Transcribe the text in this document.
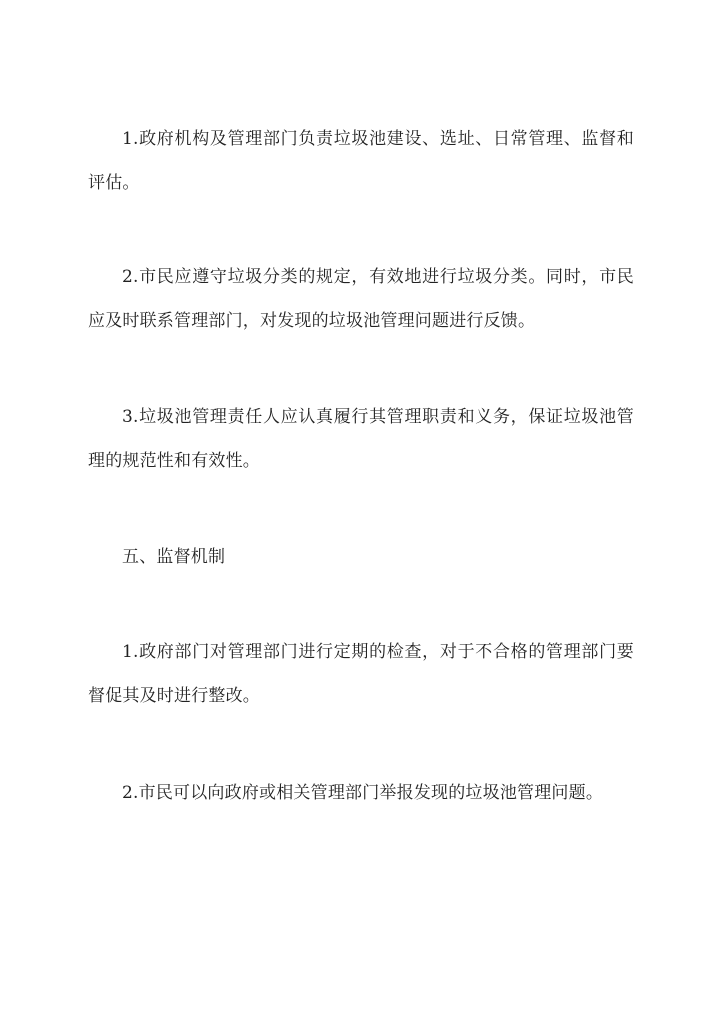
1.政府机构及管理部门负责垃圾池建设、选址、日常管理、监督和评估。

2.市民应遵守垃圾分类的规定，有效地进行垃圾分类。同时，市民应及时联系管理部门，对发现的垃圾池管理问题进行反馈。

3.垃圾池管理责任人应认真履行其管理职责和义务，保证垃圾池管理的规范性和有效性。

五、监督机制

1.政府部门对管理部门进行定期的检查，对于不合格的管理部门要督促其及时进行整改。

2.市民可以向政府或相关管理部门举报发现的垃圾池管理问题。
